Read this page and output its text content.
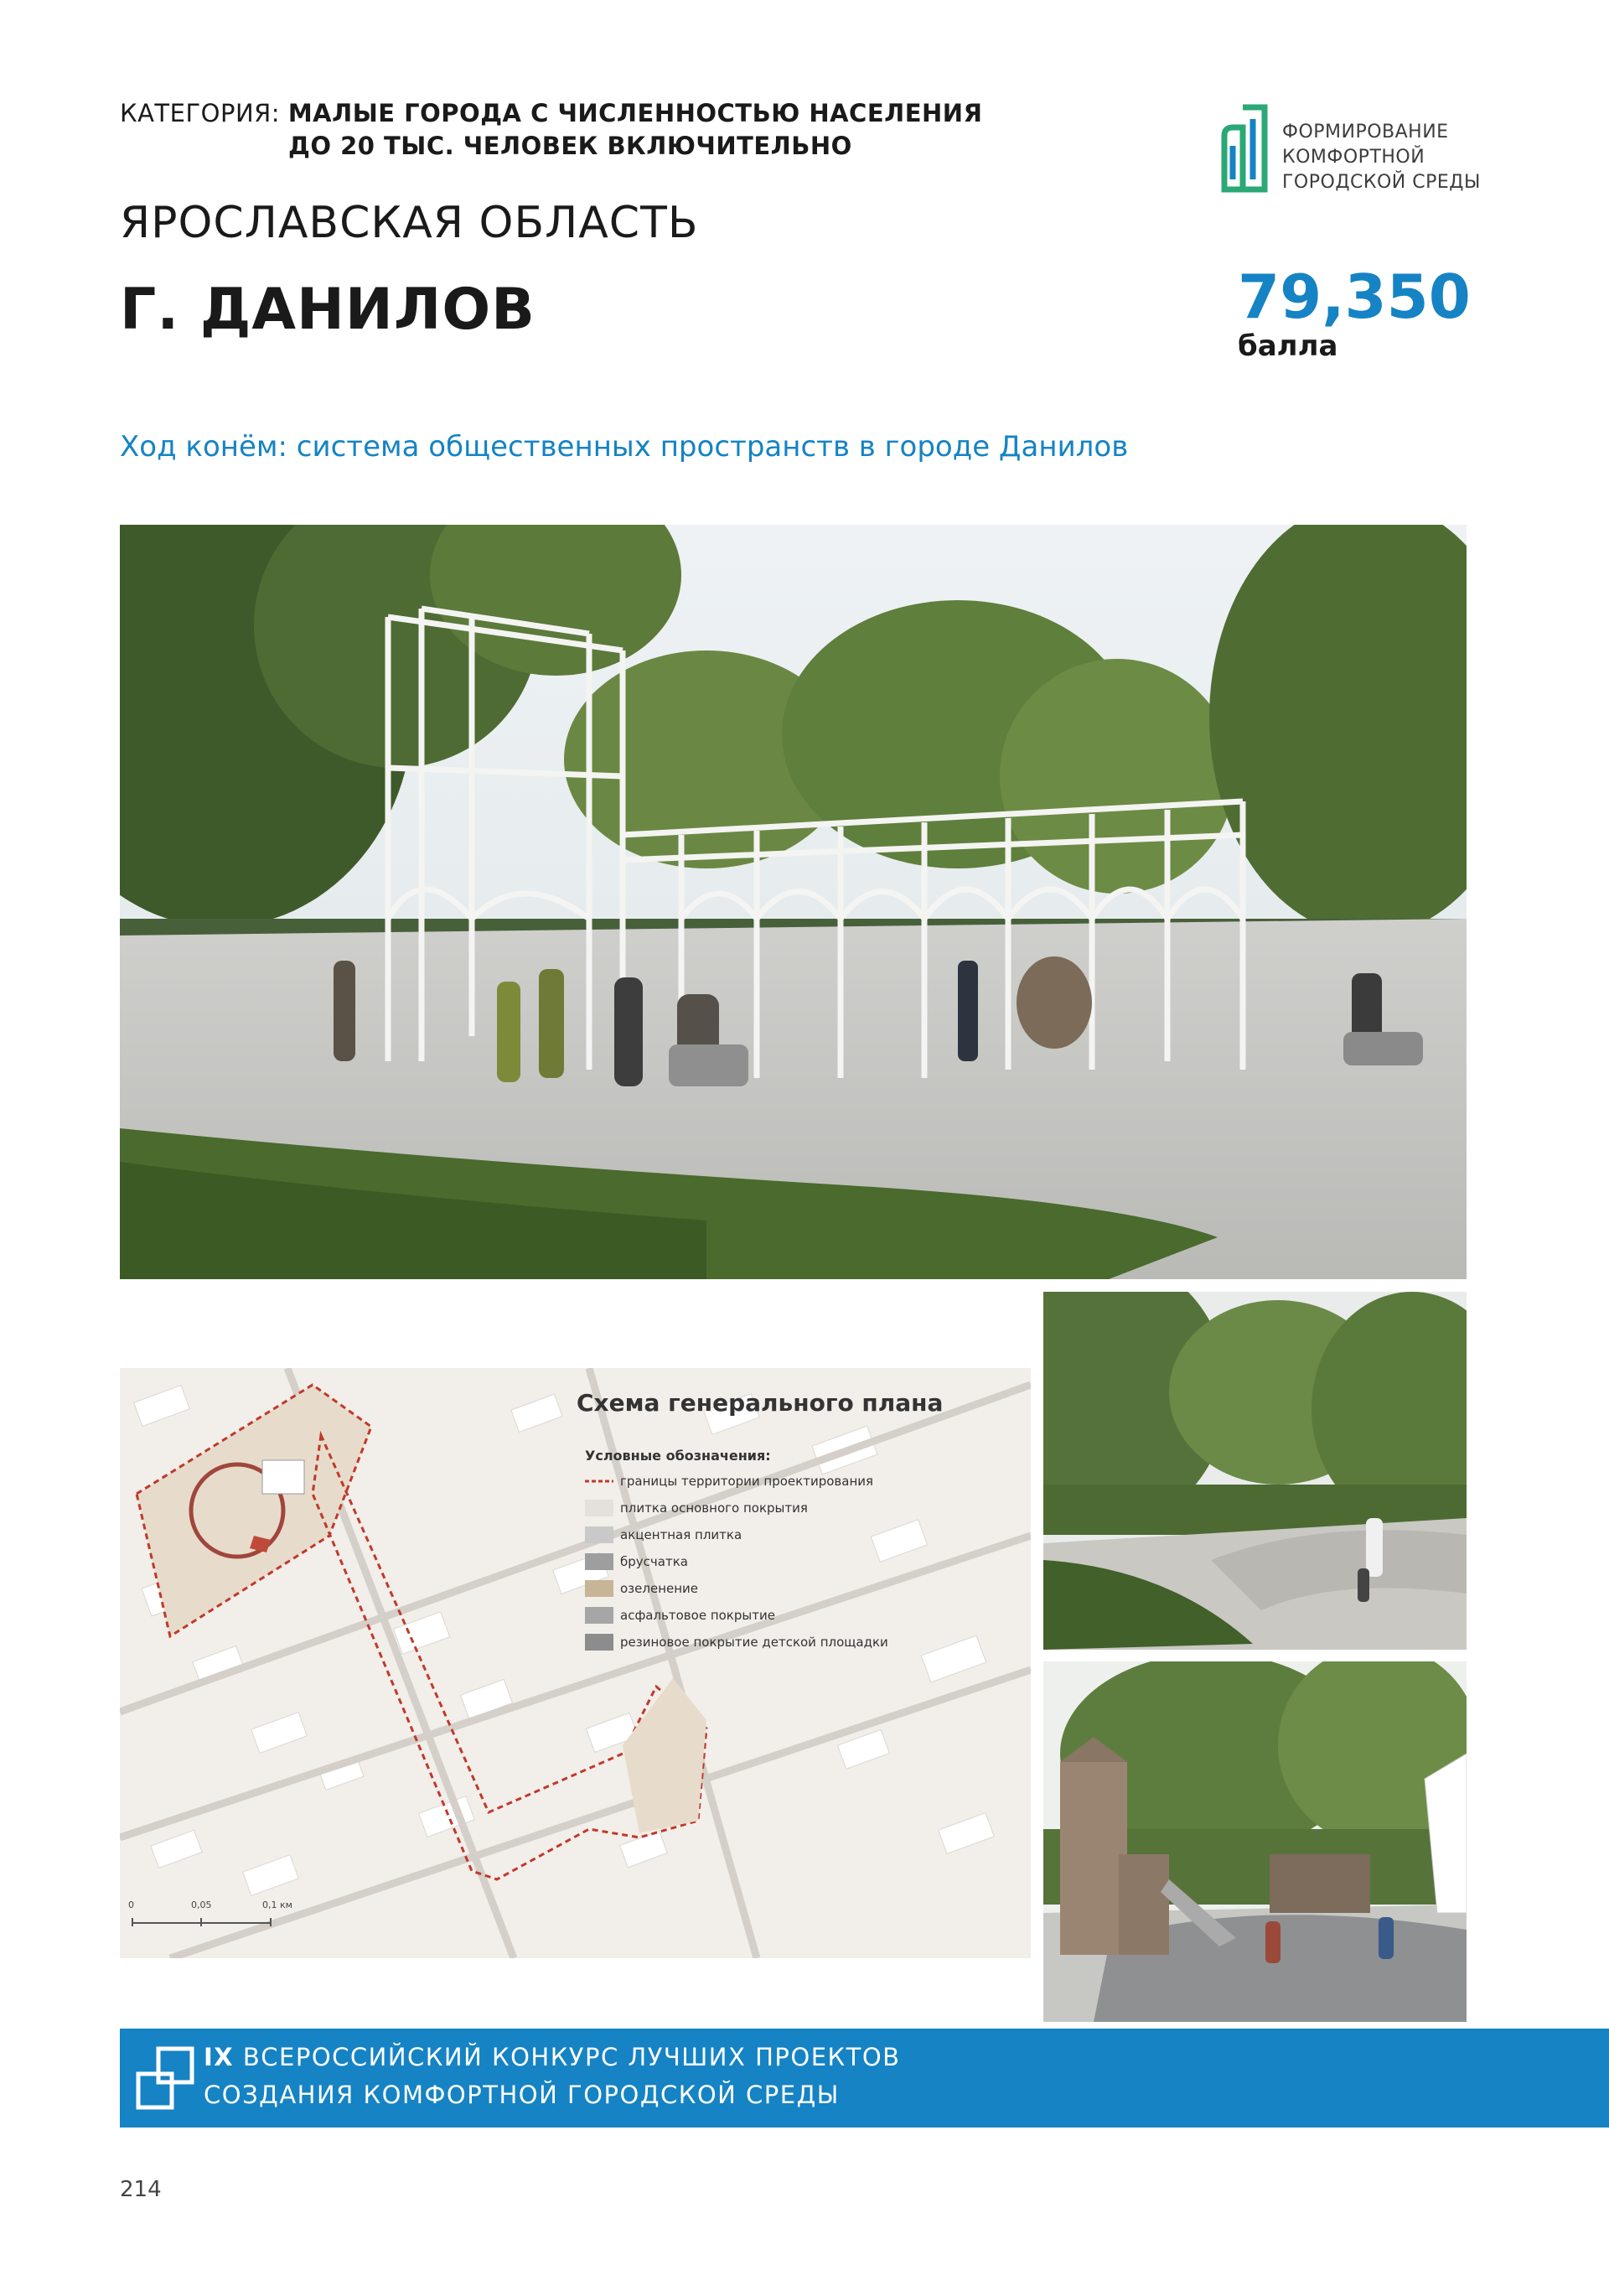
КАТЕГОРИЯ: МАЛЫЕ ГОРОДА С ЧИСЛЕННОСТЬЮ НАСЕЛЕНИЯ
ДО 20 ТЫС. ЧЕЛОВЕК ВКЛЮЧИТЕЛЬНО
ЯРОСЛАВСКАЯ ОБЛАСТЬ
Г. ДАНИЛОВ	79,350
балла
ФОРМИРОВАНИЕ
КОМФОРТНОЙ
ГОРОДСКОЙ СРЕДЫ
Ход конём: система общественных пространств в городе Данилов
Схема генерального плана
Условные обозначения:
границы территории проектирования
плитка основного покрытия
акцентная плитка
брусчатка
озеленение
асфальтовое покрытие
резиновое покрытие детской площадки
0	0,05	0,1 км
IX ВСЕРОССИЙСКИЙ КОНКУРС ЛУЧШИХ ПРОЕКТОВ
СОЗДАНИЯ КОМФОРТНОЙ ГОРОДСКОЙ СРЕДЫ
214
